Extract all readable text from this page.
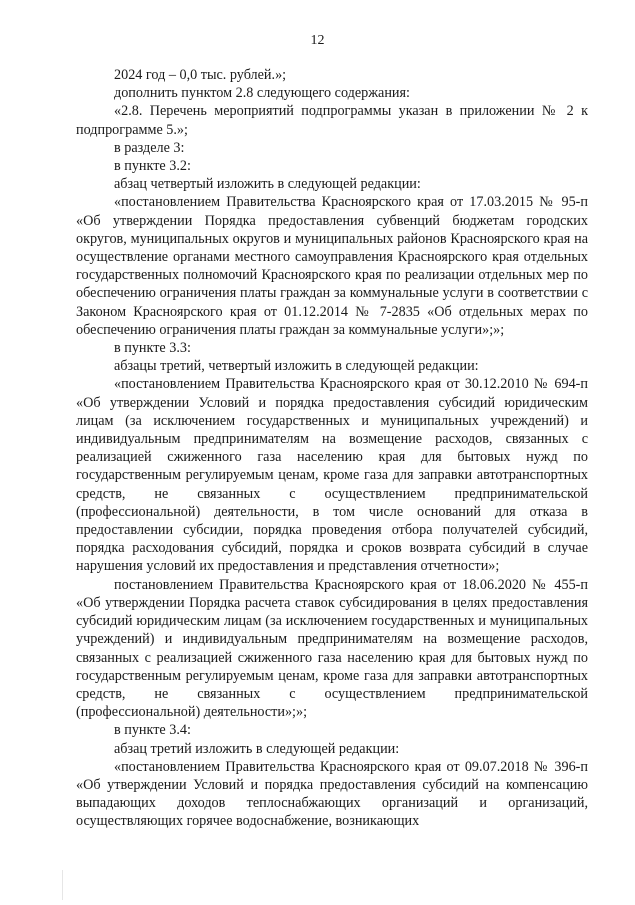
12

2024 год – 0,0 тыс. рублей.»;

дополнить пунктом 2.8 следующего содержания:

«2.8. Перечень мероприятий подпрограммы указан в приложении № 2 к подпрограмме 5.»;

в разделе 3:

в пункте 3.2:

абзац четвертый изложить в следующей редакции:

«постановлением Правительства Красноярского края от 17.03.2015 № 95-п «Об утверждении Порядка предоставления субвенций бюджетам городских округов, муниципальных округов и муниципальных районов Красноярского края на осуществление органами местного самоуправления Красноярского края отдельных государственных полномочий Красноярского края по реализации отдельных мер по обеспечению ограничения платы граждан за коммунальные услуги в соответствии с Законом Красноярского края от 01.12.2014 № 7-2835 «Об отдельных мерах по обеспечению ограничения платы граждан за коммунальные услуги»;»;

в пункте 3.3:

абзацы третий, четвертый изложить в следующей редакции:

«постановлением Правительства Красноярского края от 30.12.2010 № 694-п «Об утверждении Условий и порядка предоставления субсидий юридическим лицам (за исключением государственных и муниципальных учреждений) и индивидуальным предпринимателям на возмещение расходов, связанных с реализацией сжиженного газа населению края для бытовых нужд по государственным регулируемым ценам, кроме газа для заправки автотранспортных средств, не связанных с осуществлением предпринимательской (профессиональной) деятельности, в том числе оснований для отказа в предоставлении субсидии, порядка проведения отбора получателей субсидий, порядка расходования субсидий, порядка и сроков возврата субсидий в случае нарушения условий их предоставления и представления отчетности»;

постановлением Правительства Красноярского края от 18.06.2020 № 455-п «Об утверждении Порядка расчета ставок субсидирования в целях предоставления субсидий юридическим лицам (за исключением государственных и муниципальных учреждений) и индивидуальным предпринимателям на возмещение расходов, связанных с реализацией сжиженного газа населению края для бытовых нужд по государственным регулируемым ценам, кроме газа для заправки автотранспортных средств, не связанных с осуществлением предпринимательской (профессиональной) деятельности»;»;

в пункте 3.4:

абзац третий изложить в следующей редакции:

«постановлением Правительства Красноярского края от 09.07.2018 № 396-п «Об утверждении Условий и порядка предоставления субсидий на компенсацию выпадающих доходов теплоснабжающих организаций и организаций, осуществляющих горячее водоснабжение, возникающих
